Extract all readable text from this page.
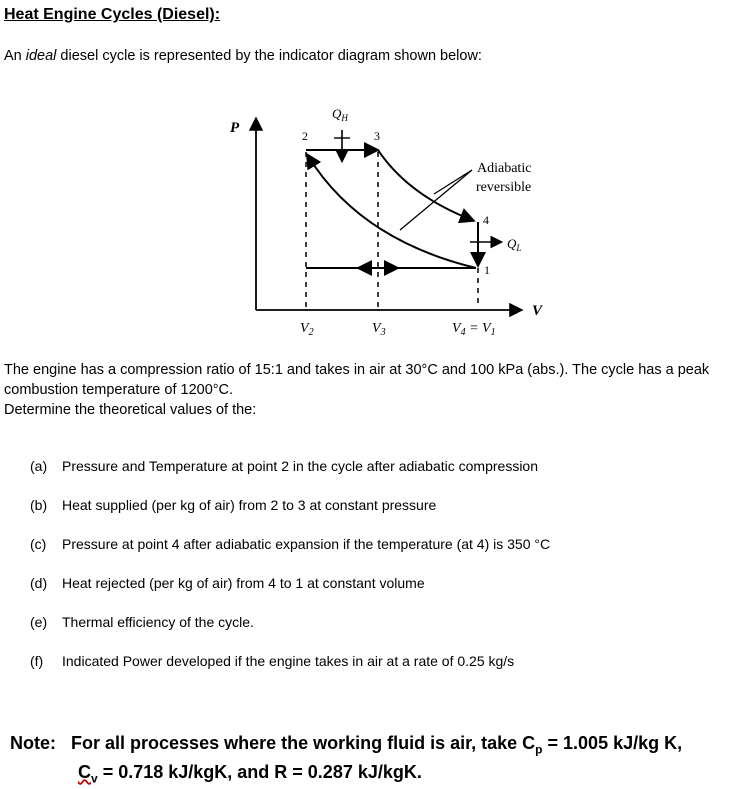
Heat Engine Cycles (Diesel):
An ideal diesel cycle is represented by the indicator diagram shown below:
P
V
$Q_H$
$Q_L$
Adiabatic
reversible
2	3
4
1
$V_2$	$V_3$	$V_4 = V_1$
The engine has a compression ratio of 15:1 and takes in air at 30°C and 100 kPa (abs.). The cycle has a peak
combustion temperature of 1200°C.
Determine the theoretical values of the:
(a) Pressure and Temperature at point 2 in the cycle after adiabatic compression
(b) Heat supplied (per kg of air) from 2 to 3 at constant pressure
(c) Pressure at point 4 after adiabatic expansion if the temperature (at 4) is 350 °C
(d) Heat rejected (per kg of air) from 4 to 1 at constant volume
(e) Thermal efficiency of the cycle.
(f) Indicated Power developed if the engine takes in air at a rate of 0.25 kg/s
Note: For all processes where the working fluid is air, take $C_p = 1.005$ kJ/kg K,
$C_v = 0.718$ kJ/kgK, and R = 0.287 kJ/kgK.
